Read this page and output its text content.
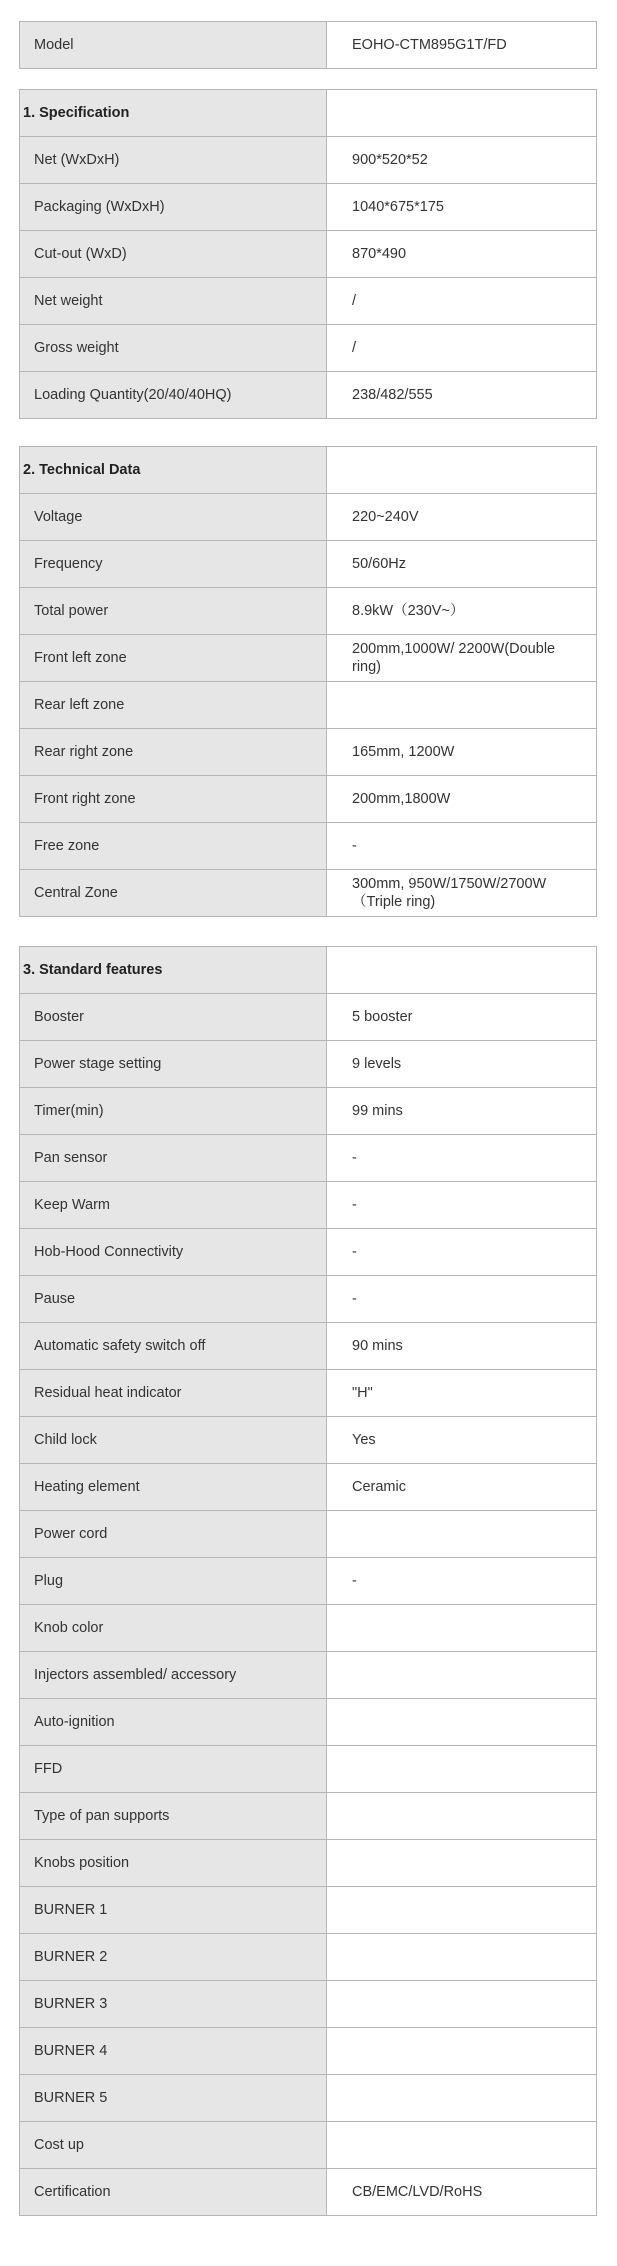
Model	EOHO-CTM895G1T/FD
1. Specification	
Net (WxDxH)	900*520*52
Packaging (WxDxH)	1040*675*175
Cut-out (WxD)	870*490
Net weight	/
Gross weight	/
Loading Quantity(20/40/40HQ)	238/482/555
2. Technical Data	
Voltage	220~240V
Frequency	50/60Hz
Total power	8.9kW（230V~）
Front left zone	200mm,1000W/ 2200W(Double ring)
Rear left zone	
Rear right zone	165mm, 1200W
Front right zone	200mm,1800W
Free zone	-
Central Zone	300mm, 950W/1750W/2700W（Triple ring)
3. Standard features	
Booster	5 booster
Power stage setting	9 levels
Timer(min)	99 mins
Pan sensor	-
Keep Warm	-
Hob-Hood Connectivity	-
Pause	-
Automatic safety switch off	90 mins
Residual heat indicator	"H"
Child lock	Yes
Heating element	Ceramic
Power cord	
Plug	-
Knob color	
Injectors assembled/ accessory	
Auto-ignition	
FFD	
Type of pan supports	
Knobs position	
BURNER 1	
BURNER 2	
BURNER 3	
BURNER 4	
BURNER 5	
Cost up	
Certification	CB/EMC/LVD/RoHS
